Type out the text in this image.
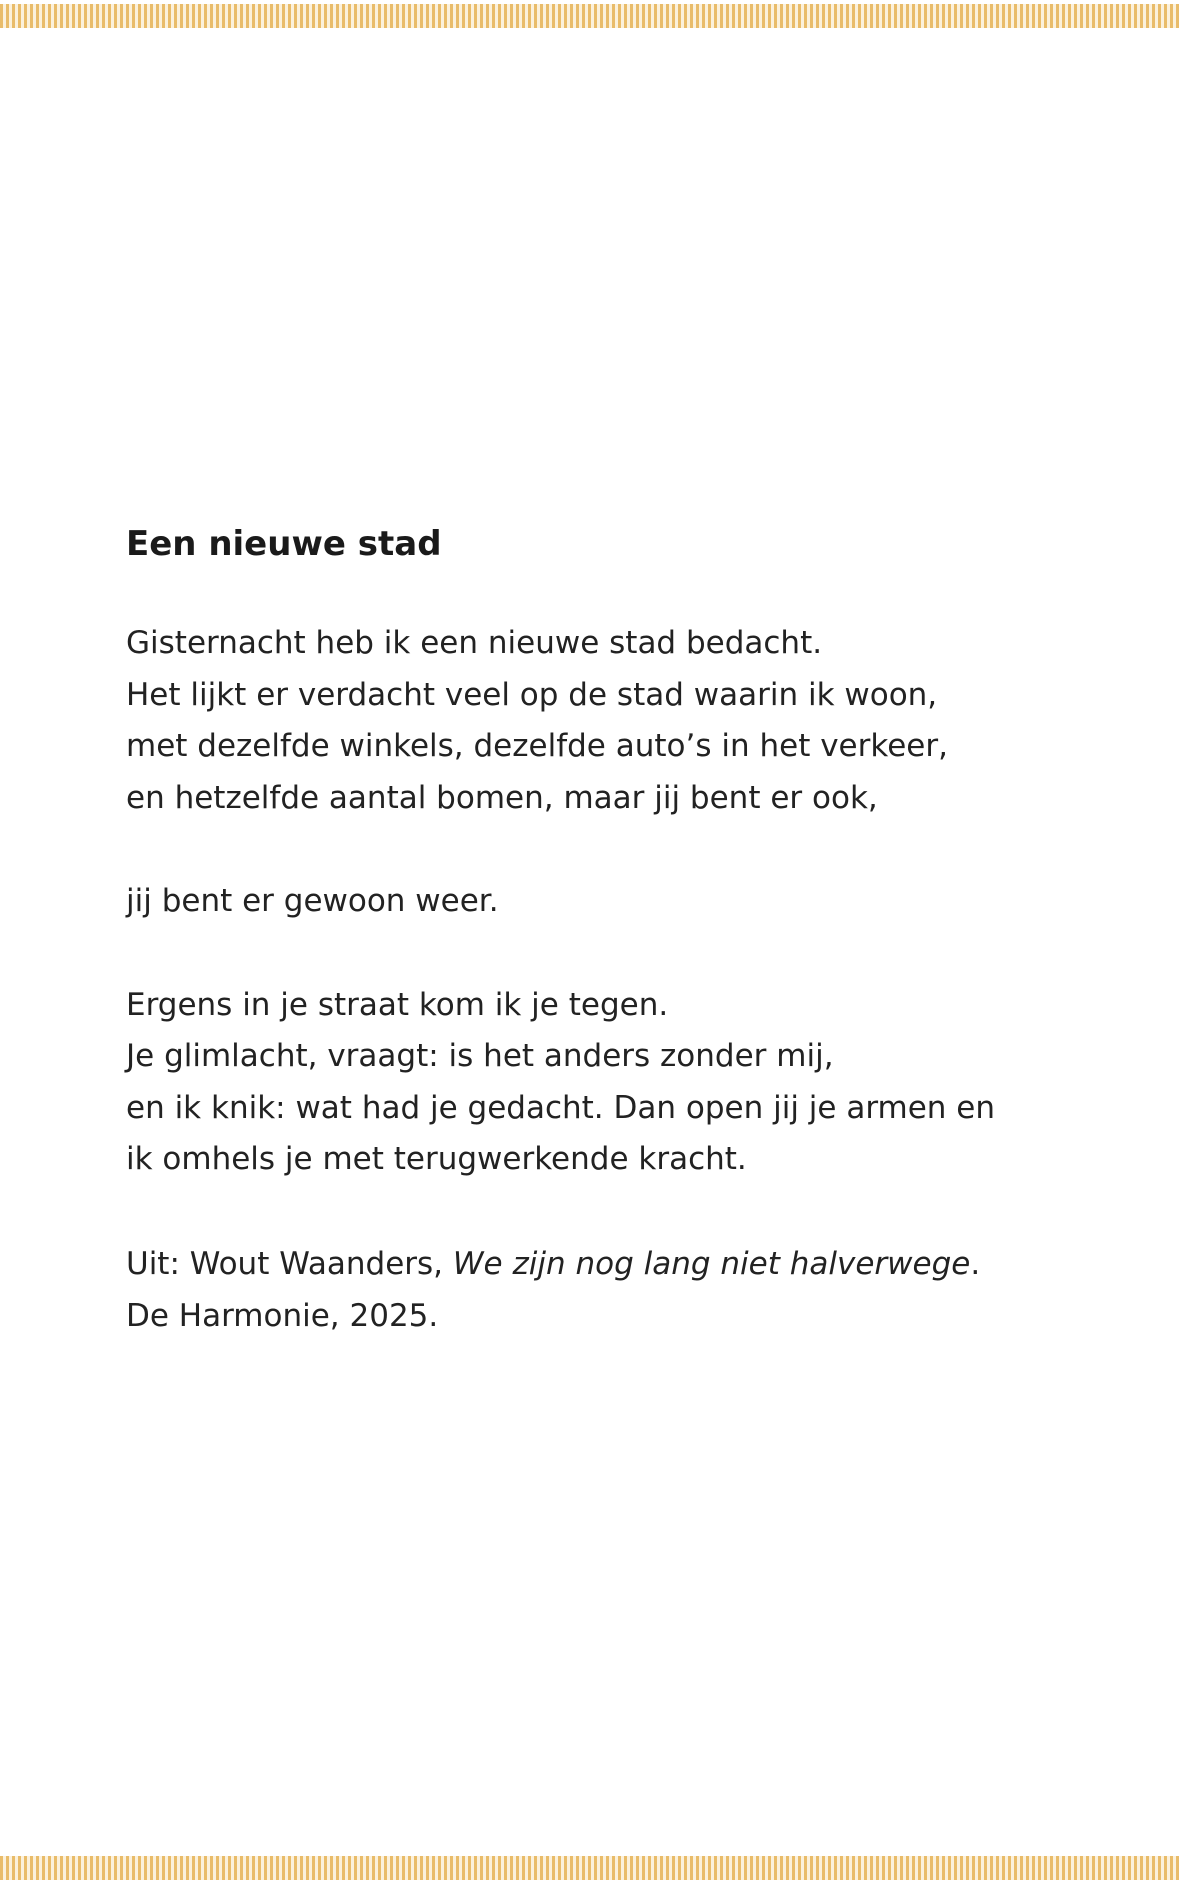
Een nieuwe stad
Gisternacht heb ik een nieuwe stad bedacht.
Het lijkt er verdacht veel op de stad waarin ik woon,
met dezelfde winkels, dezelfde auto’s in het verkeer,
en hetzelfde aantal bomen, maar jij bent er ook,
jij bent er gewoon weer.
Ergens in je straat kom ik je tegen.
Je glimlacht, vraagt: is het anders zonder mij,
en ik knik: wat had je gedacht. Dan open jij je armen en
ik omhels je met terugwerkende kracht.
Uit: Wout Waanders, We zijn nog lang niet halverwege.
De Harmonie, 2025.
